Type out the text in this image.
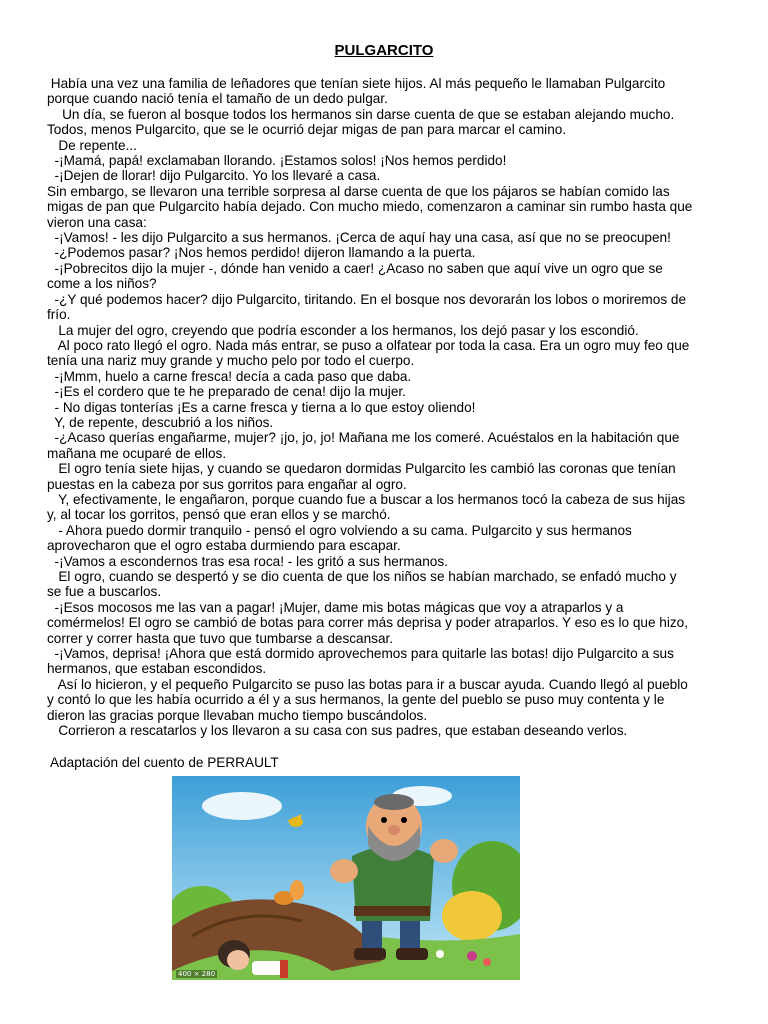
PULGARCITO
Había una vez una familia de leñadores que tenían siete hijos. Al más pequeño le llamaban Pulgarcito
porque cuando nació tenía el tamaño de un dedo pulgar.
Un día, se fueron al bosque todos los hermanos sin darse cuenta de que se estaban alejando mucho.
Todos, menos Pulgarcito, que se le ocurrió dejar migas de pan para marcar el camino.
De repente...
-¡Mamá, papá! exclamaban llorando. ¡Estamos solos! ¡Nos hemos perdido!
-¡Dejen de llorar! dijo Pulgarcito. Yo los llevaré a casa.
Sin embargo, se llevaron una terrible sorpresa al darse cuenta de que los pájaros se habían comido las
migas de pan que Pulgarcito había dejado. Con mucho miedo, comenzaron a caminar sin rumbo hasta que
vieron una casa:
-¡Vamos! - les dijo Pulgarcito a sus hermanos. ¡Cerca de aquí hay una casa, así que no se preocupen!
-¿Podemos pasar? ¡Nos hemos perdido! dijeron llamando a la puerta.
-¡Pobrecitos dijo la mujer -, dónde han venido a caer! ¿Acaso no saben que aquí vive un ogro que se
come a los niños?
-¿Y qué podemos hacer? dijo Pulgarcito, tiritando. En el bosque nos devorarán los lobos o moriremos de
frío.
La mujer del ogro, creyendo que podría esconder a los hermanos, los dejó pasar y los escondió.
Al poco rato llegó el ogro. Nada más entrar, se puso a olfatear por toda la casa. Era un ogro muy feo que
tenía una nariz muy grande y mucho pelo por todo el cuerpo.
-¡Mmm, huelo a carne fresca! decía a cada paso que daba.
-¡Es el cordero que te he preparado de cena! dijo la mujer.
- No digas tonterías ¡Es a carne fresca y tierna a lo que estoy oliendo!
Y, de repente, descubrió a los niños.
-¿Acaso querías engañarme, mujer? ¡jo, jo, jo! Mañana me los comeré. Acuéstalos en la habitación que
mañana me ocuparé de ellos.
El ogro tenía siete hijas, y cuando se quedaron dormidas Pulgarcito les cambió las coronas que tenían
puestas en la cabeza por sus gorritos para engañar al ogro.
Y, efectivamente, le engañaron, porque cuando fue a buscar a los hermanos tocó la cabeza de sus hijas
y, al tocar los gorritos, pensó que eran ellos y se marchó.
- Ahora puedo dormir tranquilo - pensó el ogro volviendo a su cama. Pulgarcito y sus hermanos
aprovecharon que el ogro estaba durmiendo para escapar.
-¡Vamos a escondernos tras esa roca! - les gritó a sus hermanos.
El ogro, cuando se despertó y se dio cuenta de que los niños se habían marchado, se enfadó mucho y
se fue a buscarlos.
-¡Esos mocosos me las van a pagar! ¡Mujer, dame mis botas mágicas que voy a atraparlos y a
comérmelos! El ogro se cambió de botas para correr más deprisa y poder atraparlos. Y eso es lo que hizo,
correr y correr hasta que tuvo que tumbarse a descansar.
-¡Vamos, deprisa! ¡Ahora que está dormido aprovechemos para quitarle las botas! dijo Pulgarcito a sus
hermanos, que estaban escondidos.
Así lo hicieron, y el pequeño Pulgarcito se puso las botas para ir a buscar ayuda. Cuando llegó al pueblo
y contó lo que les había ocurrido a él y a sus hermanos, la gente del pueblo se puso muy contenta y le
dieron las gracias porque llevaban mucho tiempo buscándolos.
Corrieron a rescatarlos y los llevaron a su casa con sus padres, que estaban deseando verlos.
Adaptación del cuento de PERRAULT
400 × 280
